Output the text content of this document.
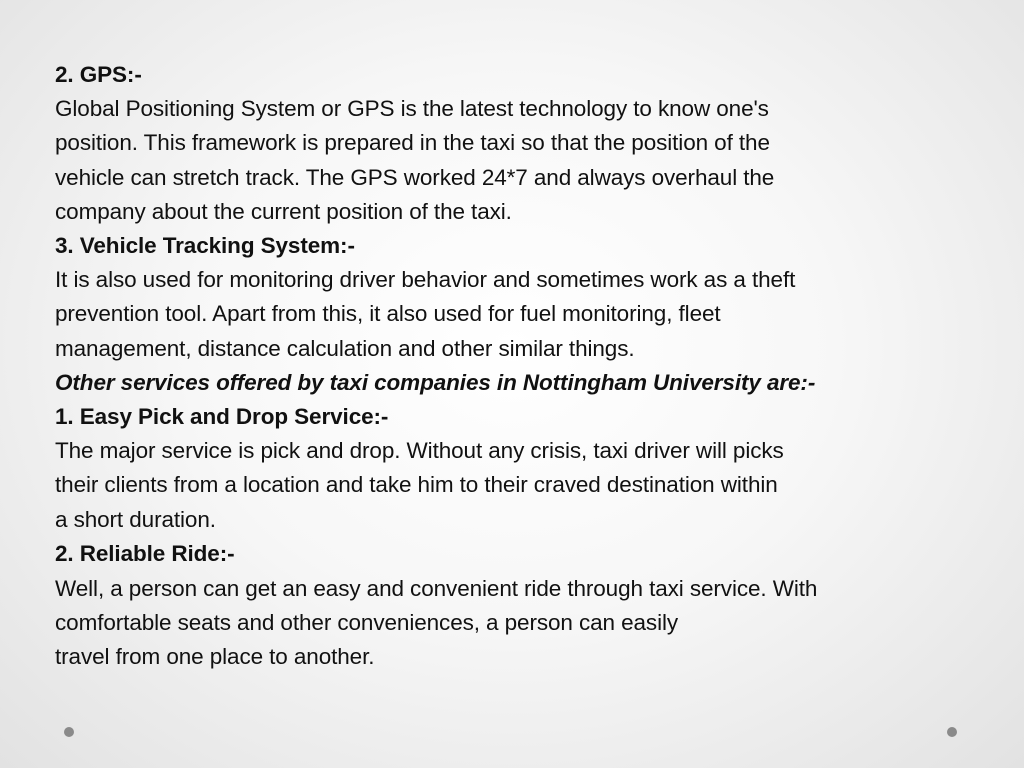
2. GPS:-
Global Positioning System or GPS is the latest technology to know one's
position. This framework is prepared in the taxi so that the position of the
vehicle can stretch track. The GPS worked 24*7 and always overhaul the
company about the current position of the taxi.
3. Vehicle Tracking System:-
It is also used for monitoring driver behavior and sometimes work as a theft
prevention tool. Apart from this, it also used for fuel monitoring, fleet
management, distance calculation and other similar things.
Other services offered by taxi companies in Nottingham University are:-
1. Easy Pick and Drop Service:-
The major service is pick and drop. Without any crisis, taxi driver will picks
their clients from a location and take him to their craved destination within
a short duration.
2. Reliable Ride:-
Well, a person can get an easy and convenient ride through taxi service. With
comfortable seats and other conveniences, a person can easily
travel from one place to another.
